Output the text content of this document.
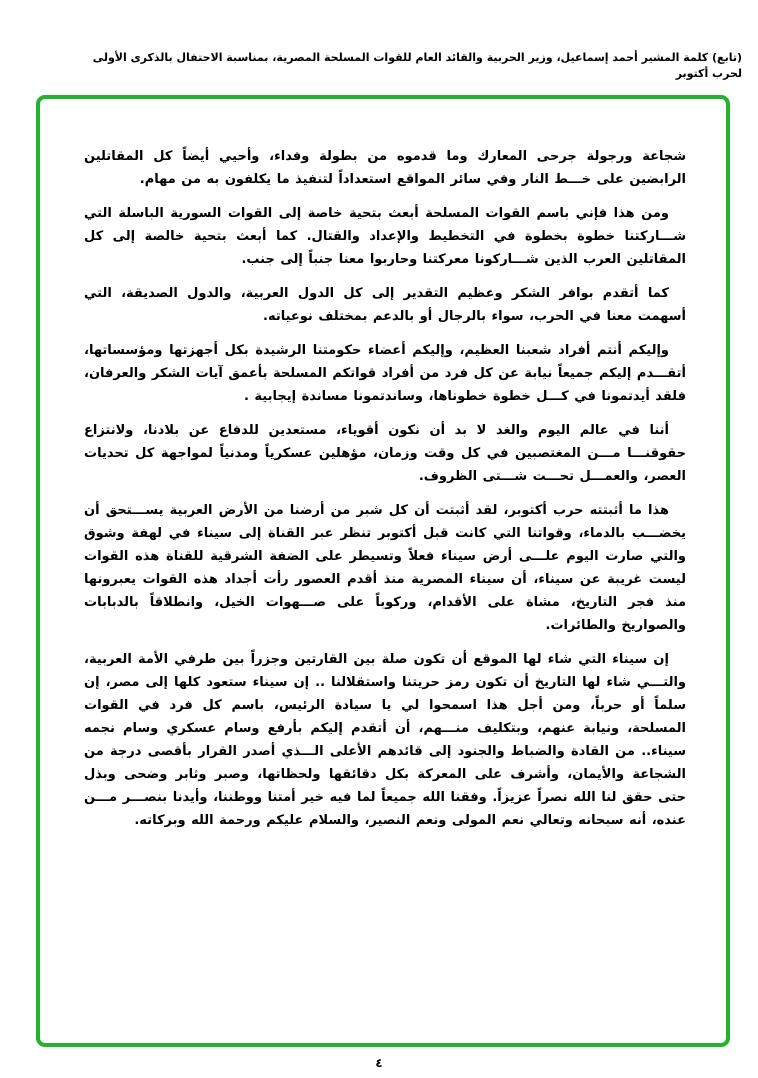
(تابع) كلمة المشير أحمد إسماعيل، وزير الحربية والقائد العام للقوات المسلحة المصرية، بمناسبة الاحتفال بالذكرى الأولى لحرب أكتوبر

شجاعة ورجولة جرحى المعارك وما قدموه من بطولة وفداء، وأحيي أيضاً كل المقاتلين الرابضين على خـــط النار وفي سائر المواقع استعداداً لتنفيذ ما يكلفون به من مهام.

ومن هذا فإني باسم القوات المسلحة أبعث بتحية خاصة إلى القوات السورية الباسلة التي شـــاركتنا خطوة بخطوة في التخطيط والإعداد والقتال. كما أبعث بتحية خالصة إلى كل المقاتلين العرب الذين شـــاركونا معركتنا وحاربوا معنا جنباً إلى جنب.

كما أتقدم بوافر الشكر وعظيم التقدير إلى كل الدول العربية، والدول الصديقة، التي أسهمت معنا في الحرب، سواء بالرجال أو بالدعم بمختلف نوعياته.

وإليكم أنتم أفراد شعبنا العظيم، وإليكم أعضاء حكومتنا الرشيدة بكل أجهزتها ومؤسساتها، أتقـــدم إليكم جميعاً نيابة عن كل فرد من أفراد قواتكم المسلحة بأعمق آيات الشكر والعرفان، فلقد أيدتمونا في كـــل خطوة خطوناها، وساندتمونا مساندة إيجابية .

أننا في عالم اليوم والغد لا بد أن نكون أقوياء، مستعدين للدفاع عن بلادنا، ولانتزاع حقوقنـــا مـــن المغتصبين في كل وقت وزمان، مؤهلين عسكرياً ومدنياً لمواجهة كل تحديات العصر، والعمـــل تحـــت شـــتى الظروف.

هذا ما أثبتته حرب أكتوبر، لقد أثبتت أن كل شبر من أرضنا من الأرض العربية يســـتحق أن يخضـــب بالدماء، وقواتنا التي كانت قبل أكتوبر تنظر عبر القناة إلى سيناء في لهفة وشوق والتي صارت اليوم علـــى أرض سيناء فعلاً وتسيطر على الضفة الشرقية للقناة هذه القوات ليست غريبة عن سيناء، أن سيناء المصرية منذ أقدم العصور رأت أجداد هذه القوات يعبرونها منذ فجر التاريخ، مشاة على الأقدام، وركوباً على صـــهوات الخيل، وانطلاقاً بالدبابات والصواريخ والطائرات.

إن سيناء التي شاء لها الموقع أن تكون صلة بين القارتين وجزراً بين طرفي الأمة العربية، والتـــي شاء لها التاريخ أن تكون رمز حريتنا واستقلالنا .. إن سيناء ستعود كلها إلى مصر، إن سلماً أو حرباً، ومن أجل هذا اسمحوا لي يا سيادة الرئيس، باسم كل فرد في القوات المسلحة، ونيابة عنهم، وبتكليف منـــهم، أن أتقدم إليكم بأرفع وسام عسكري وسام نجمه سيناء.. من القادة والضباط والجنود إلى قائدهم الأعلى الـــذي أصدر القرار بأقصى درجة من الشجاعة والأيمان، وأشرف على المعركة بكل دقائقها ولحظاتها، وصبر وثابر وضحى وبذل حتى حقق لنا الله نصراً عزيزاً. وفقنا الله جميعاً لما فيه خير أمتنا ووطننا، وأيدنا بنصـــر مـــن عنده، أنه سبحانه وتعالي نعم المولى ونعم النصير، والسلام عليكم ورحمة الله وبركاته.

٤
